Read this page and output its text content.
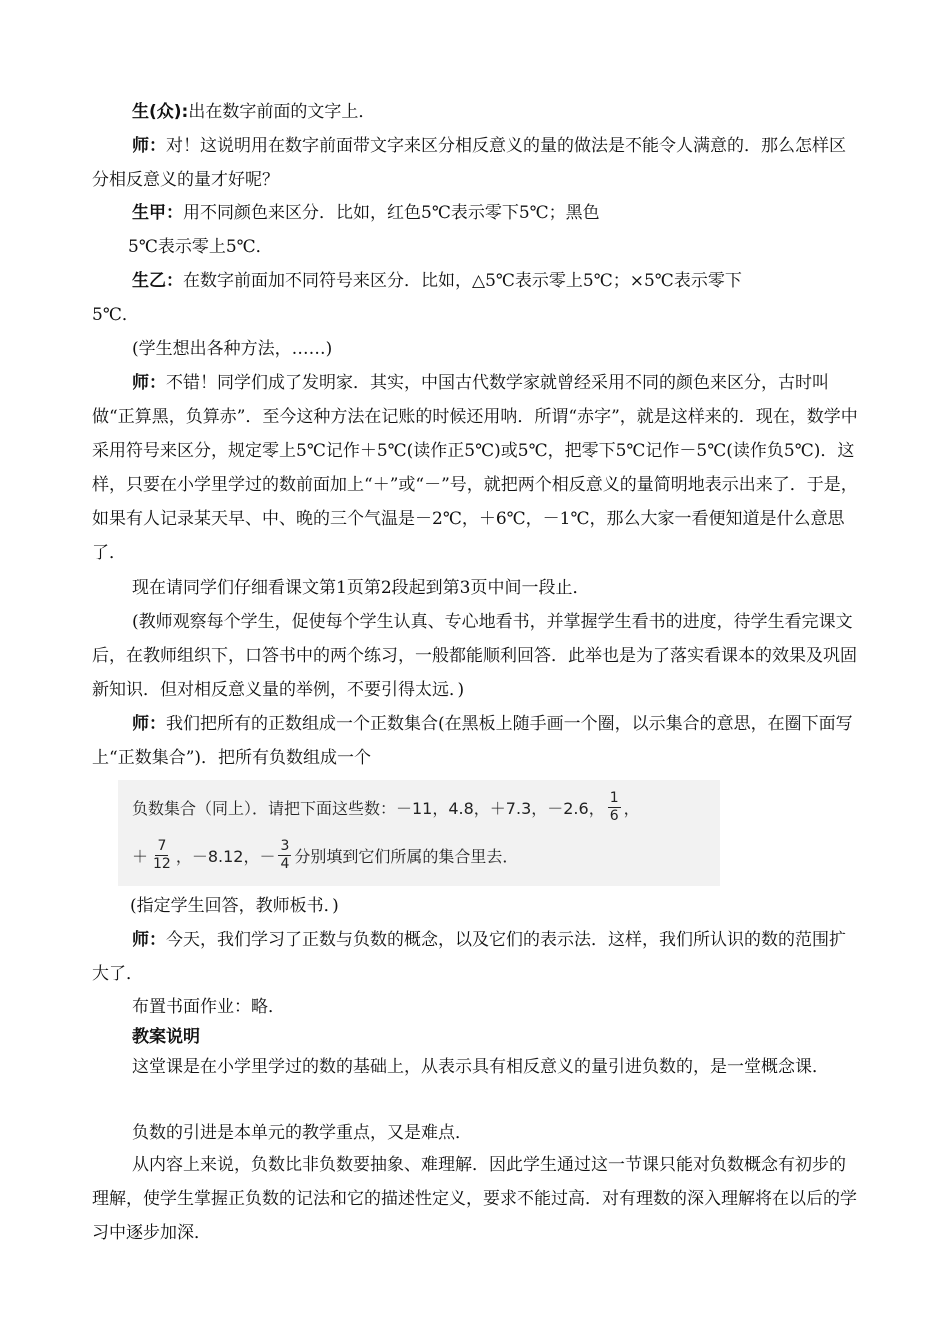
生(众):出在数字前面的文字上．

师：对！这说明用在数字前面带文字来区分相反意义的量的做法是不能令人满意的．那么怎样区分相反意义的量才好呢？

生甲：用不同颜色来区分．比如，红色5℃表示零下5℃；黑色

5℃表示零上5℃．

生乙：在数字前面加不同符号来区分．比如，△5℃表示零上5℃；×5℃表示零下

5℃．

(学生想出各种方法，……)

师：不错！同学们成了发明家．其实，中国古代数学家就曾经采用不同的颜色来区分，古时叫做“正算黑，负算赤”．至今这种方法在记账的时候还用呐．所谓“赤字”，就是这样来的．现在，数学中采用符号来区分，规定零上5℃记作＋5℃(读作正5℃)或5℃，把零下5℃记作－5℃(读作负5℃)．这样，只要在小学里学过的数前面加上“＋”或“－”号，就把两个相反意义的量简明地表示出来了．于是，如果有人记录某天早、中、晚的三个气温是－2℃，＋6℃，－1℃，那么大家一看便知道是什么意思了．

现在请同学们仔细看课文第1页第2段起到第3页中间一段止．

(教师观察每个学生，促使每个学生认真、专心地看书，并掌握学生看书的进度，待学生看完课文后，在教师组织下，口答书中的两个练习，一般都能顺利回答．此举也是为了落实看课本的效果及巩固新知识．但对相反意义量的举例，不要引得太远．)

师：我们把所有的正数组成一个正数集合(在黑板上随手画一个圈，以示集合的意思，在圈下面写上“正数集合”)．把所有负数组成一个

负数集合（同上）．请把下面这些数：－11，4.8，＋7.3，－2.6， $\frac{1}{6}$ ，
＋ $\frac{7}{12}$ ，－8.12，－ $\frac{3}{4}$ 分别填到它们所属的集合里去．

(指定学生回答，教师板书．)

师：今天，我们学习了正数与负数的概念，以及它们的表示法．这样，我们所认识的数的范围扩大了．

布置书面作业：略．

教案说明

这堂课是在小学里学过的数的基础上，从表示具有相反意义的量引进负数的，是一堂概念课．

负数的引进是本单元的教学重点，又是难点．

从内容上来说，负数比非负数要抽象、难理解．因此学生通过这一节课只能对负数概念有初步的理解，使学生掌握正负数的记法和它的描述性定义，要求不能过高．对有理数的深入理解将在以后的学习中逐步加深．
